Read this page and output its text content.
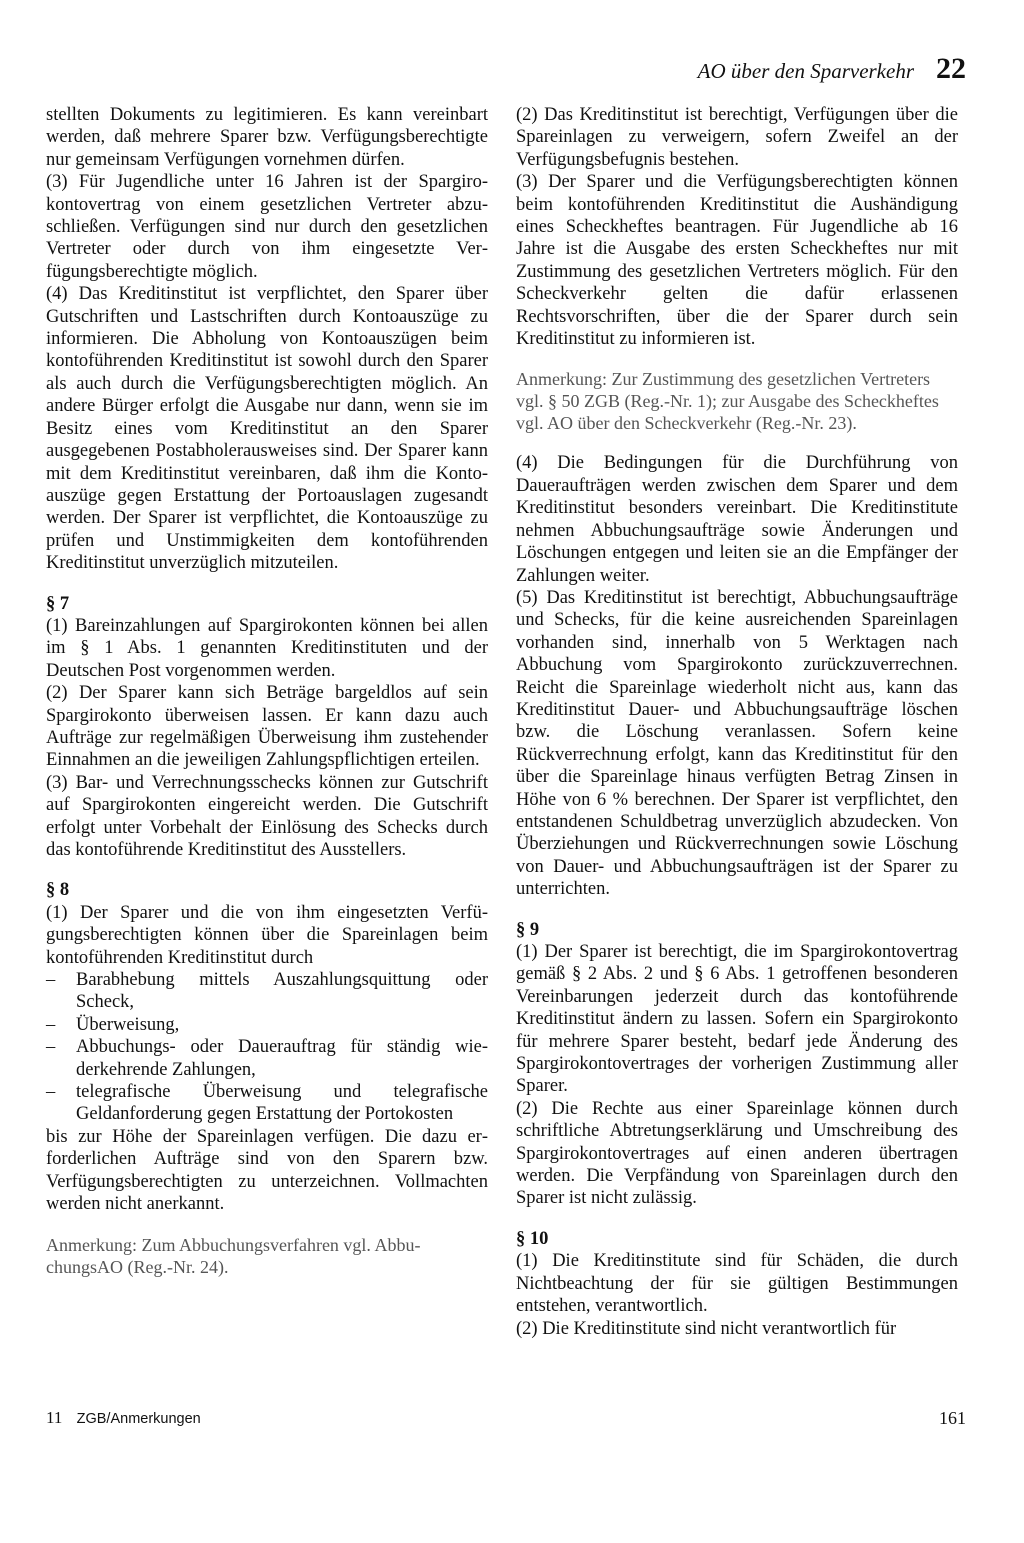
AO über den Sparverkehr 22

stellten Dokuments zu legitimieren. Es kann vereinbart werden, daß mehrere Sparer bzw. Verfügungsberechtigte nur gemeinsam Verfügungen vornehmen dürfen.

(3) Für Jugendliche unter 16 Jahren ist der Spargirokontovertrag von einem gesetzlichen Vertreter abzuschließen. Verfügungen sind nur durch den gesetzlichen Vertreter oder durch von ihm eingesetzte Verfügungsberechtigte möglich.

(4) Das Kreditinstitut ist verpflichtet, den Sparer über Gutschriften und Lastschriften durch Kontoauszüge zu informieren. Die Abholung von Kontoauszügen beim kontoführenden Kreditinstitut ist sowohl durch den Sparer als auch durch die Verfügungsberechtigten möglich. An andere Bürger erfolgt die Ausgabe nur dann, wenn sie im Besitz eines vom Kreditinstitut an den Sparer ausgegebenen Postabholerausweises sind. Der Sparer kann mit dem Kreditinstitut vereinbaren, daß ihm die Kontoauszüge gegen Erstattung der Portoauslagen zugesandt werden. Der Sparer ist verpflichtet, die Kontoauszüge zu prüfen und Unstimmigkeiten dem kontoführenden Kreditinstitut unverzüglich mitzuteilen.

§ 7

(1) Bareinzahlungen auf Spargirokonten können bei allen im § 1 Abs. 1 genannten Kreditinstituten und der Deutschen Post vorgenommen werden.

(2) Der Sparer kann sich Beträge bargeldlos auf sein Spargirokonto überweisen lassen. Er kann dazu auch Aufträge zur regelmäßigen Überweisung ihm zustehender Einnahmen an die jeweiligen Zahlungspflichtigen erteilen.

(3) Bar- und Verrechnungsschecks können zur Gutschrift auf Spargirokonten eingereicht werden. Die Gutschrift erfolgt unter Vorbehalt der Einlösung des Schecks durch das kontoführende Kreditinstitut des Ausstellers.

§ 8

(1) Der Sparer und die von ihm eingesetzten Verfügungsberechtigten können über die Spareinlagen beim kontoführenden Kreditinstitut durch

– Barabhebung mittels Auszahlungsquittung oder Scheck,
– Überweisung,
– Abbuchungs- oder Dauerauftrag für ständig wiederkehrende Zahlungen,
– telegrafische Überweisung und telegrafische Geldanforderung gegen Erstattung der Portokosten

bis zur Höhe der Spareinlagen verfügen. Die dazu erforderlichen Aufträge sind von den Sparern bzw. Verfügungsberechtigten zu unterzeichnen. Vollmachten werden nicht anerkannt.

Anmerkung: Zum Abbuchungsverfahren vgl. AbbuchungsAO (Reg.-Nr. 24).

(2) Das Kreditinstitut ist berechtigt, Verfügungen über die Spareinlagen zu verweigern, sofern Zweifel an der Verfügungsbefugnis bestehen.

(3) Der Sparer und die Verfügungsberechtigten können beim kontoführenden Kreditinstitut die Aushändigung eines Scheckheftes beantragen. Für Jugendliche ab 16 Jahre ist die Ausgabe des ersten Scheckheftes nur mit Zustimmung des gesetzlichen Vertreters möglich. Für den Scheckverkehr gelten die dafür erlassenen Rechtsvorschriften, über die der Sparer durch sein Kreditinstitut zu informieren ist.

Anmerkung: Zur Zustimmung des gesetzlichen Vertreters vgl. § 50 ZGB (Reg.-Nr. 1); zur Ausgabe des Scheckheftes vgl. AO über den Scheckverkehr (Reg.-Nr. 23).

(4) Die Bedingungen für die Durchführung von Daueraufträgen werden zwischen dem Sparer und dem Kreditinstitut besonders vereinbart. Die Kreditinstitute nehmen Abbuchungsaufträge sowie Änderungen und Löschungen entgegen und leiten sie an die Empfänger der Zahlungen weiter.

(5) Das Kreditinstitut ist berechtigt, Abbuchungsaufträge und Schecks, für die keine ausreichenden Spareinlagen vorhanden sind, innerhalb von 5 Werktagen nach Abbuchung vom Spargirokonto zurückzuverrechnen. Reicht die Spareinlage wiederholt nicht aus, kann das Kreditinstitut Dauer- und Abbuchungsaufträge löschen bzw. die Löschung veranlassen. Sofern keine Rückverrechnung erfolgt, kann das Kreditinstitut für den über die Spareinlage hinaus verfügten Betrag Zinsen in Höhe von 6 % berechnen. Der Sparer ist verpflichtet, den entstandenen Schuldbetrag unverzüglich abzudecken. Von Überziehungen und Rückverrechnungen sowie Löschung von Dauer- und Abbuchungsaufträgen ist der Sparer zu unterrichten.

§ 9

(1) Der Sparer ist berechtigt, die im Spargirokontovertrag gemäß § 2 Abs. 2 und § 6 Abs. 1 getroffenen besonderen Vereinbarungen jederzeit durch das kontoführende Kreditinstitut ändern zu lassen. Sofern ein Spargirokonto für mehrere Sparer besteht, bedarf jede Änderung des Spargirokontovertrages der vorherigen Zustimmung aller Sparer.

(2) Die Rechte aus einer Spareinlage können durch schriftliche Abtretungserklärung und Umschreibung des Spargirokontovertrages auf einen anderen übertragen werden. Die Verpfändung von Spareinlagen durch den Sparer ist nicht zulässig.

§ 10

(1) Die Kreditinstitute sind für Schäden, die durch Nichtbeachtung der für sie gültigen Bestimmungen entstehen, verantwortlich.

(2) Die Kreditinstitute sind nicht verantwortlich für

11 ZGB/Anmerkungen	161
